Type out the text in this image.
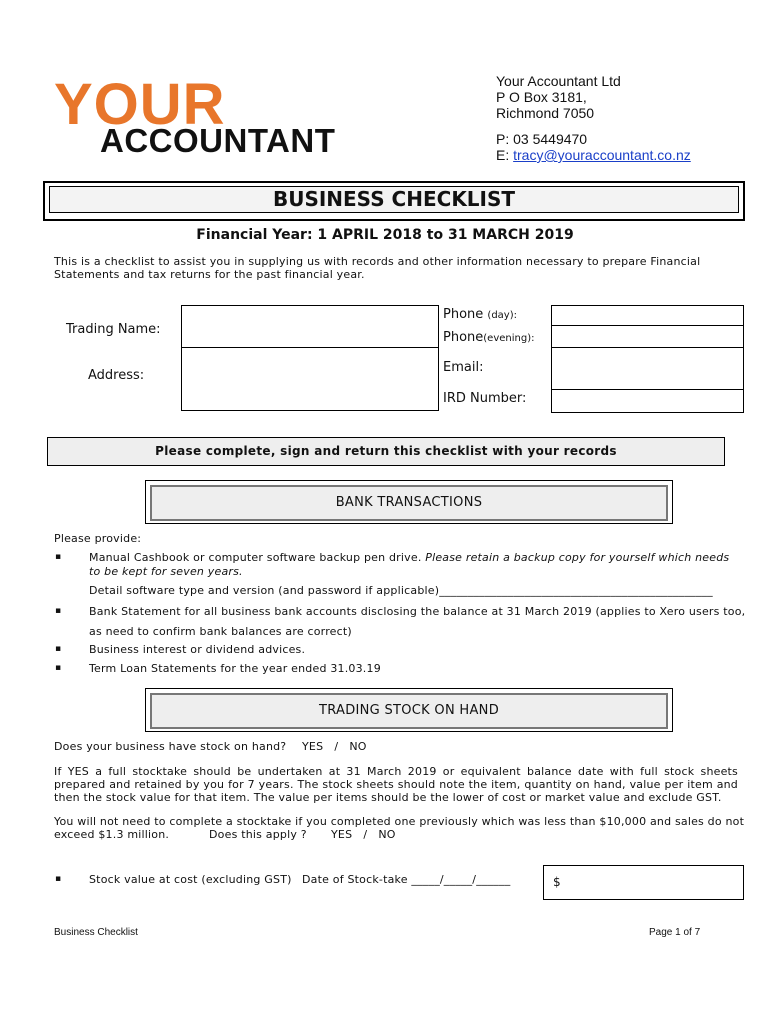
YOUR
ACCOUNTANT
Your Accountant Ltd
P O Box 3181,
Richmond 7050
P: 03 5449470
E: tracy@youraccountant.co.nz
BUSINESS CHECKLIST
Financial Year: 1 APRIL 2018 to 31 MARCH 2019
This is a checklist to assist you in supplying us with records and other information necessary to prepare Financial Statements and tax returns for the past financial year.
Trading Name:
Address:
Phone (day):
Phone(evening):
Email:
IRD Number:
Please complete, sign and return this checklist with your records
BANK TRANSACTIONS
Please provide:
▪	Manual Cashbook or computer software backup pen drive. Please retain a backup copy for yourself which needs to be kept for seven years.
Detail software type and version (and password if applicable)________________________________________________
▪	Bank Statement for all business bank accounts disclosing the balance at 31 March 2019 (applies to Xero users too,
as need to confirm bank balances are correct)
▪	Business interest or dividend advices.
▪	Term Loan Statements for the year ended 31.03.19
TRADING STOCK ON HAND
Does your business have stock on hand? YES   /   NO
If YES a full stocktake should be undertaken at 31 March 2019 or equivalent balance date with full stock sheets prepared and retained by you for 7 years. The stock sheets should note the item, quantity on hand, value per item and then the stock value for that item. The value per items should be the lower of cost or market value and exclude GST.
You will not need to complete a stocktake if you completed one previously which was less than $10,000 and sales do not
exceed $1.3 million.	Does this apply ? YES   /   NO
▪	Stock value at cost (excluding GST) Date of Stock-take _____/_____/______	$
Business Checklist	Page 1 of 7
